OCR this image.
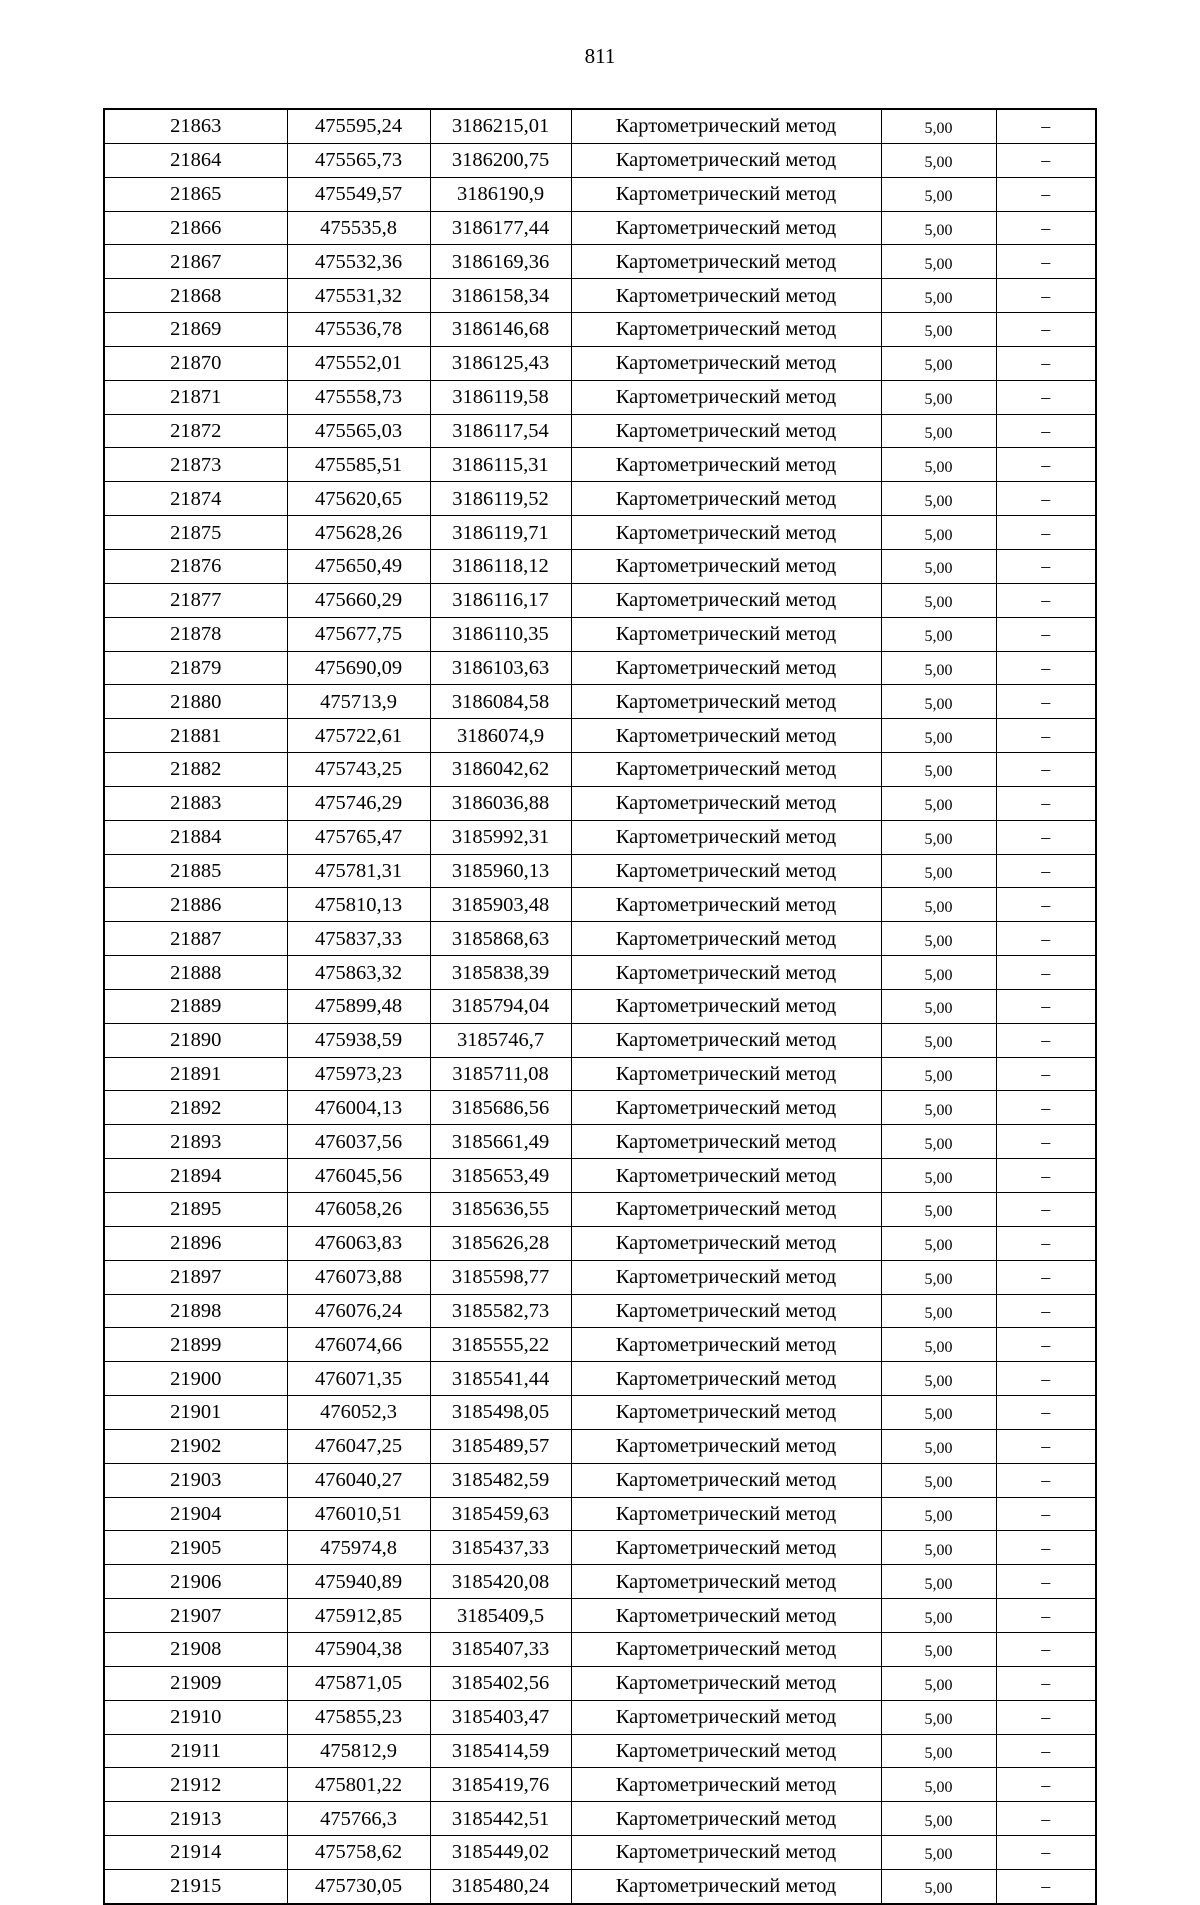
811
21863	475595,24	3186215,01	Картометрический метод	5,00	–
21864	475565,73	3186200,75	Картометрический метод	5,00	–
21865	475549,57	3186190,9	Картометрический метод	5,00	–
21866	475535,8	3186177,44	Картометрический метод	5,00	–
21867	475532,36	3186169,36	Картометрический метод	5,00	–
21868	475531,32	3186158,34	Картометрический метод	5,00	–
21869	475536,78	3186146,68	Картометрический метод	5,00	–
21870	475552,01	3186125,43	Картометрический метод	5,00	–
21871	475558,73	3186119,58	Картометрический метод	5,00	–
21872	475565,03	3186117,54	Картометрический метод	5,00	–
21873	475585,51	3186115,31	Картометрический метод	5,00	–
21874	475620,65	3186119,52	Картометрический метод	5,00	–
21875	475628,26	3186119,71	Картометрический метод	5,00	–
21876	475650,49	3186118,12	Картометрический метод	5,00	–
21877	475660,29	3186116,17	Картометрический метод	5,00	–
21878	475677,75	3186110,35	Картометрический метод	5,00	–
21879	475690,09	3186103,63	Картометрический метод	5,00	–
21880	475713,9	3186084,58	Картометрический метод	5,00	–
21881	475722,61	3186074,9	Картометрический метод	5,00	–
21882	475743,25	3186042,62	Картометрический метод	5,00	–
21883	475746,29	3186036,88	Картометрический метод	5,00	–
21884	475765,47	3185992,31	Картометрический метод	5,00	–
21885	475781,31	3185960,13	Картометрический метод	5,00	–
21886	475810,13	3185903,48	Картометрический метод	5,00	–
21887	475837,33	3185868,63	Картометрический метод	5,00	–
21888	475863,32	3185838,39	Картометрический метод	5,00	–
21889	475899,48	3185794,04	Картометрический метод	5,00	–
21890	475938,59	3185746,7	Картометрический метод	5,00	–
21891	475973,23	3185711,08	Картометрический метод	5,00	–
21892	476004,13	3185686,56	Картометрический метод	5,00	–
21893	476037,56	3185661,49	Картометрический метод	5,00	–
21894	476045,56	3185653,49	Картометрический метод	5,00	–
21895	476058,26	3185636,55	Картометрический метод	5,00	–
21896	476063,83	3185626,28	Картометрический метод	5,00	–
21897	476073,88	3185598,77	Картометрический метод	5,00	–
21898	476076,24	3185582,73	Картометрический метод	5,00	–
21899	476074,66	3185555,22	Картометрический метод	5,00	–
21900	476071,35	3185541,44	Картометрический метод	5,00	–
21901	476052,3	3185498,05	Картометрический метод	5,00	–
21902	476047,25	3185489,57	Картометрический метод	5,00	–
21903	476040,27	3185482,59	Картометрический метод	5,00	–
21904	476010,51	3185459,63	Картометрический метод	5,00	–
21905	475974,8	3185437,33	Картометрический метод	5,00	–
21906	475940,89	3185420,08	Картометрический метод	5,00	–
21907	475912,85	3185409,5	Картометрический метод	5,00	–
21908	475904,38	3185407,33	Картометрический метод	5,00	–
21909	475871,05	3185402,56	Картометрический метод	5,00	–
21910	475855,23	3185403,47	Картометрический метод	5,00	–
21911	475812,9	3185414,59	Картометрический метод	5,00	–
21912	475801,22	3185419,76	Картометрический метод	5,00	–
21913	475766,3	3185442,51	Картометрический метод	5,00	–
21914	475758,62	3185449,02	Картометрический метод	5,00	–
21915	475730,05	3185480,24	Картометрический метод	5,00	–
